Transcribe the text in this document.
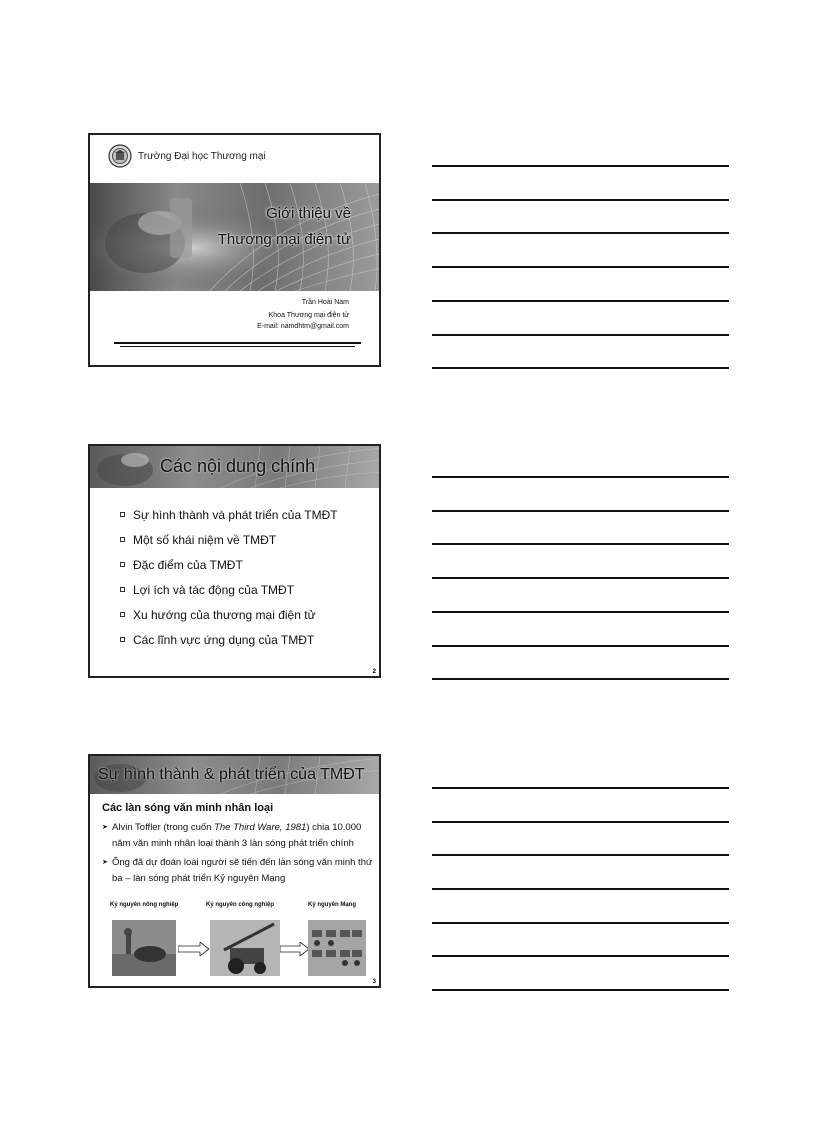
Trường Đại học Thương mại
Giới thiệu về
Thương mại điện tử
Trần Hoài Nam
Khoa Thương mại điện tử
E-mail: namdhtm@gmail.com
Các nội dung chính
Sự hình thành và phát triển của TMĐT
Một số khái niệm về TMĐT
Đặc điểm của TMĐT
Lợi ích và tác động của TMĐT
Xu hướng của thương mại điện tử
Các lĩnh vực ứng dụng của TMĐT
2
Sự hình thành & phát triển của TMĐT
Các làn sóng văn minh nhân loại
➤ Alvin Toffler (trong cuốn The Third Ware, 1981) chia 10.000 năm văn minh nhân loại thành 3 làn sóng phát triển chính
➤ Ông đã dự đoán loài người sẽ tiến đến làn sóng văn minh thứ ba – làn sóng phát triển Kỷ nguyên Mạng
Kỷ nguyên nông nghiệp	Kỷ nguyên công nghiệp	Kỷ nguyên Mạng
3
